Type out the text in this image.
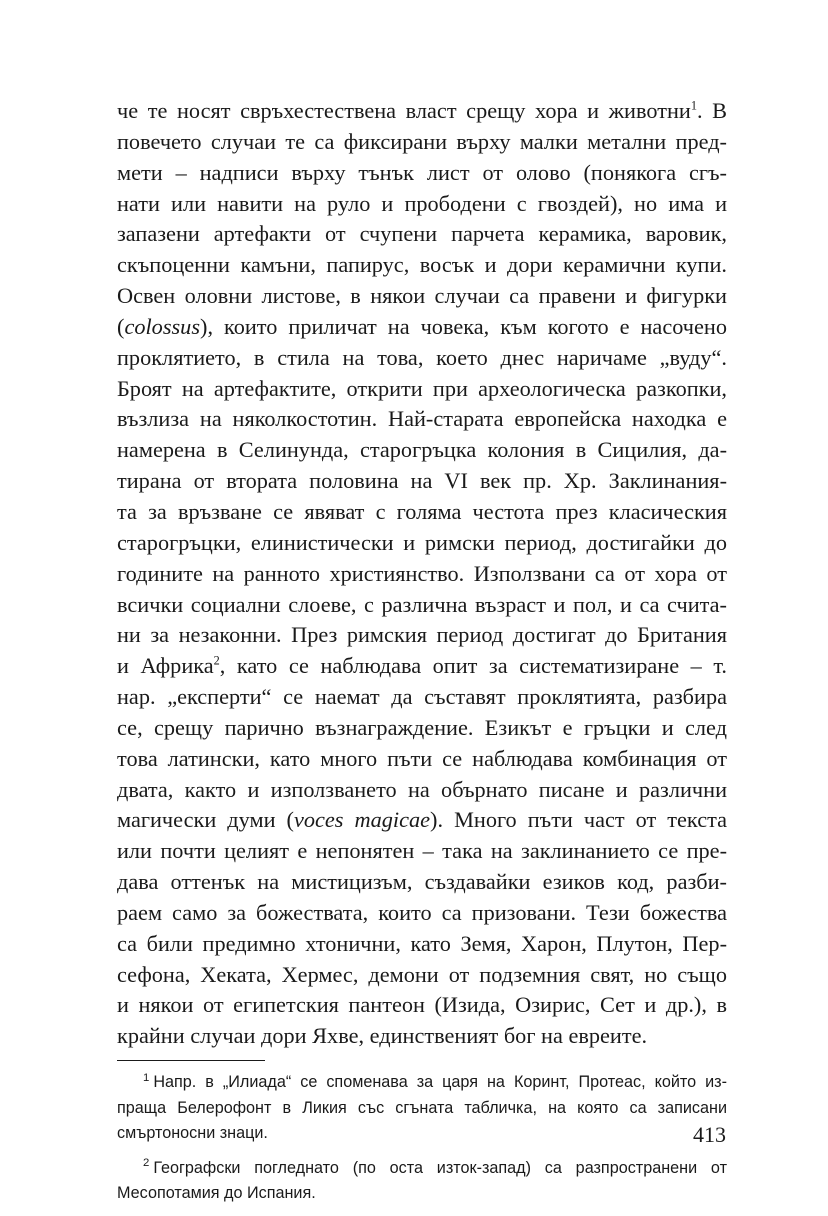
че те носят свръхестествена власт срещу хора и животни$^1$. В
повечето случаи те са фиксирани върху малки метални пред-
мети – надписи върху тънък лист от олово (понякога сгъ-
нати или навити на руло и прободени с гвоздей), но има и
запазени артефакти от счупени парчета керамика, варовик,
скъпоценни камъни, папирус, восък и дори керамични купи.
Освен оловни листове, в някои случаи са правени и фигурки
(colossus), които приличат на човека, към когото е насочено
проклятието, в стила на това, което днес наричаме „вуду“.
Броят на артефактите, открити при археологическа разкопки,
възлиза на няколкостотин. Най-старата европейска находка е
намерена в Селинунда, старогръцка колония в Сицилия, да-
тирана от втората половина на VI век пр. Хр. Заклинания-
та за връзване се явяват с голяма честота през класическия
старогръцки, елинистически и римски период, достигайки до
годините на ранното християнство. Използвани са от хора от
всички социални слоеве, с различна възраст и пол, и са счита-
ни за незаконни. През римския период достигат до Британия
и Африка$^2$, като се наблюдава опит за систематизиране – т.
нар. „експерти“ се наемат да съставят проклятията, разбира
се, срещу парично възнаграждение. Езикът е гръцки и след
това латински, като много пъти се наблюдава комбинация от
двата, както и използването на обърнато писане и различни
магически думи (voces magicae). Много пъти част от текста
или почти целият е непонятен – така на заклинанието се пре-
дава оттенък на мистицизъм, създавайки езиков код, разби-
раем само за божествата, които са призовани. Тези божества
са били предимно хтонични, като Земя, Харон, Плутон, Пер-
сефона, Хеката, Хермес, демони от подземния свят, но също
и някои от египетския пантеон (Изида, Озирис, Сет и др.), в
крайни случаи дори Яхве, единственият бог на евреите.
$^1$ Напр. в „Илиада“ се споменава за царя на Коринт, Протеас, който из-
праща Белерофонт в Ликия със сгъната табличка, на която са записани
смъртоносни знаци.
$^2$ Географски погледнато (по оста изток-запад) са разпространени от
Месопотамия до Испания.
413
